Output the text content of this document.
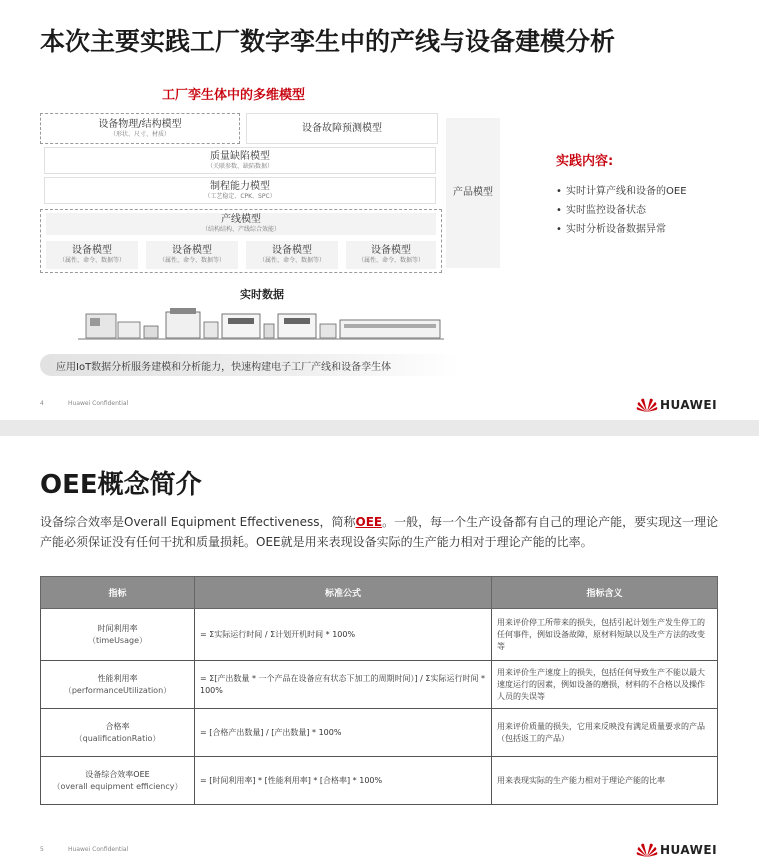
本次主要实践工厂数字孪生中的产线与设备建模分析
工厂孪生体中的多维模型
设备物理/结构模型
（形状、尺寸、材质）
设备故障预测模型
质量缺陷模型
（关联参数、缺陷数据）
制程能力模型
（工艺稳定、CPK、SPC）
产线模型
（结构结构、产线综合效能）
设备模型
（属性、命令、数据等）
设备模型
（属性、命令、数据等）
设备模型
（属性、命令、数据等）
设备模型
（属性、命令、数据等）
产品模型
实践内容:
• 实时计算产线和设备的OEE
• 实时监控设备状态
• 实时分析设备数据异常
实时数据
应用IoT数据分析服务建模和分析能力，快速构建电子工厂产线和设备孪生体
4	Huawei Confidential	HUAWEI
OEE概念简介
设备综合效率是Overall Equipment Effectiveness，简称OEE。一般，每一个生产设备都有自己的理论产能，要实现这一理论产能必须保证没有任何干扰和质量损耗。OEE就是用来表现设备实际的生产能力相对于理论产能的比率。
指标	标准公式	指标含义
时间利用率
（timeUsage）	= Σ实际运行时间 / Σ计划开机时间 * 100%	用来评价停工所带来的损失，包括引起计划生产发生停工的任何事件，例如设备故障，原材料短缺以及生产方法的改变等
性能利用率
（performanceUtilization）	= Σ[产出数量 * 一个产品在设备应有状态下加工的周期时间）] / Σ实际运行时间 * 100%	用来评价生产速度上的损失，包括任何导致生产不能以最大速度运行的因素，例如设备的磨损，材料的不合格以及操作人员的失误等
合格率
（qualificationRatio）	= [合格产出数量] / [产出数量] * 100%	用来评价质量的损失，它用来反映没有满足质量要求的产品（包括返工的产品）
设备综合效率OEE
（overall equipment efficiency）	= [时间利用率] * [性能利用率] * [合格率] * 100%	用来表现实际的生产能力相对于理论产能的比率
5	Huawei Confidential	HUAWEI
